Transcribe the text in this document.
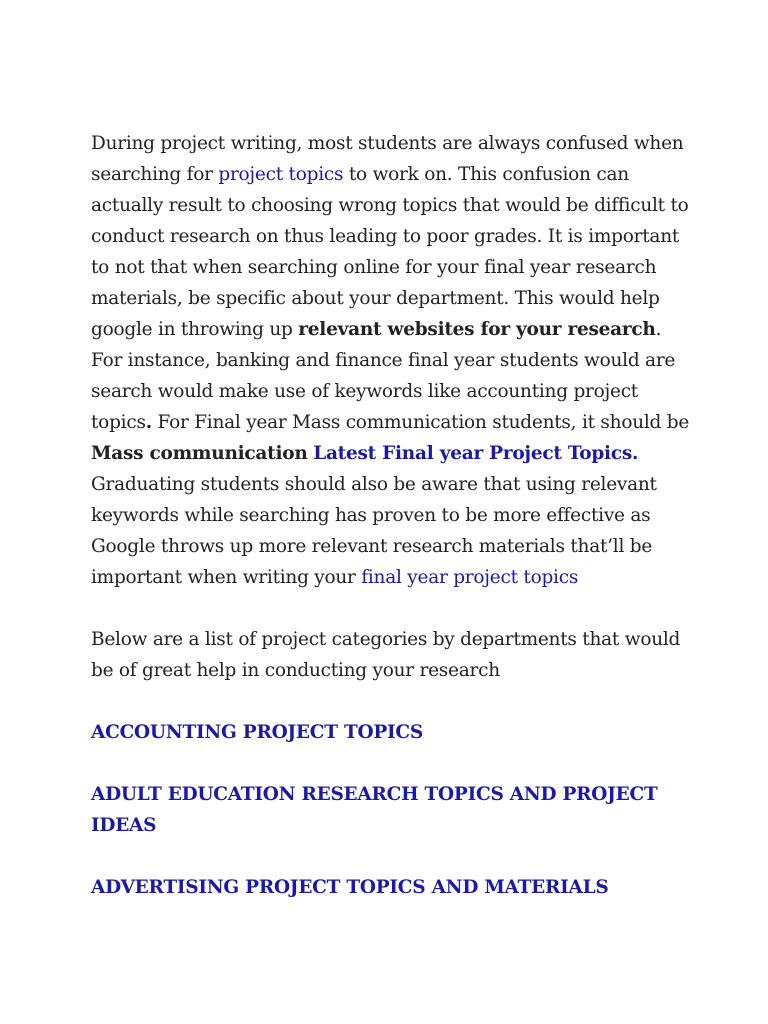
During project writing, most students are always confused when searching for project topics to work on. This confusion can actually result to choosing wrong topics that would be difficult to conduct research on thus leading to poor grades. It is important to not that when searching online for your final year research materials, be specific about your department. This would help google in throwing up relevant websites for your research. For instance, banking and finance final year students would are search would make use of keywords like accounting project topics. For Final year Mass communication students, it should be Mass communication Latest Final year Project Topics. Graduating students should also be aware that using relevant keywords while searching has proven to be more effective as Google throws up more relevant research materials that’ll be important when writing your final year project topics

Below are a list of project categories by departments that would be of great help in conducting your research

ACCOUNTING PROJECT TOPICS
ADULT EDUCATION RESEARCH TOPICS AND PROJECT IDEAS
ADVERTISING PROJECT TOPICS AND MATERIALS
